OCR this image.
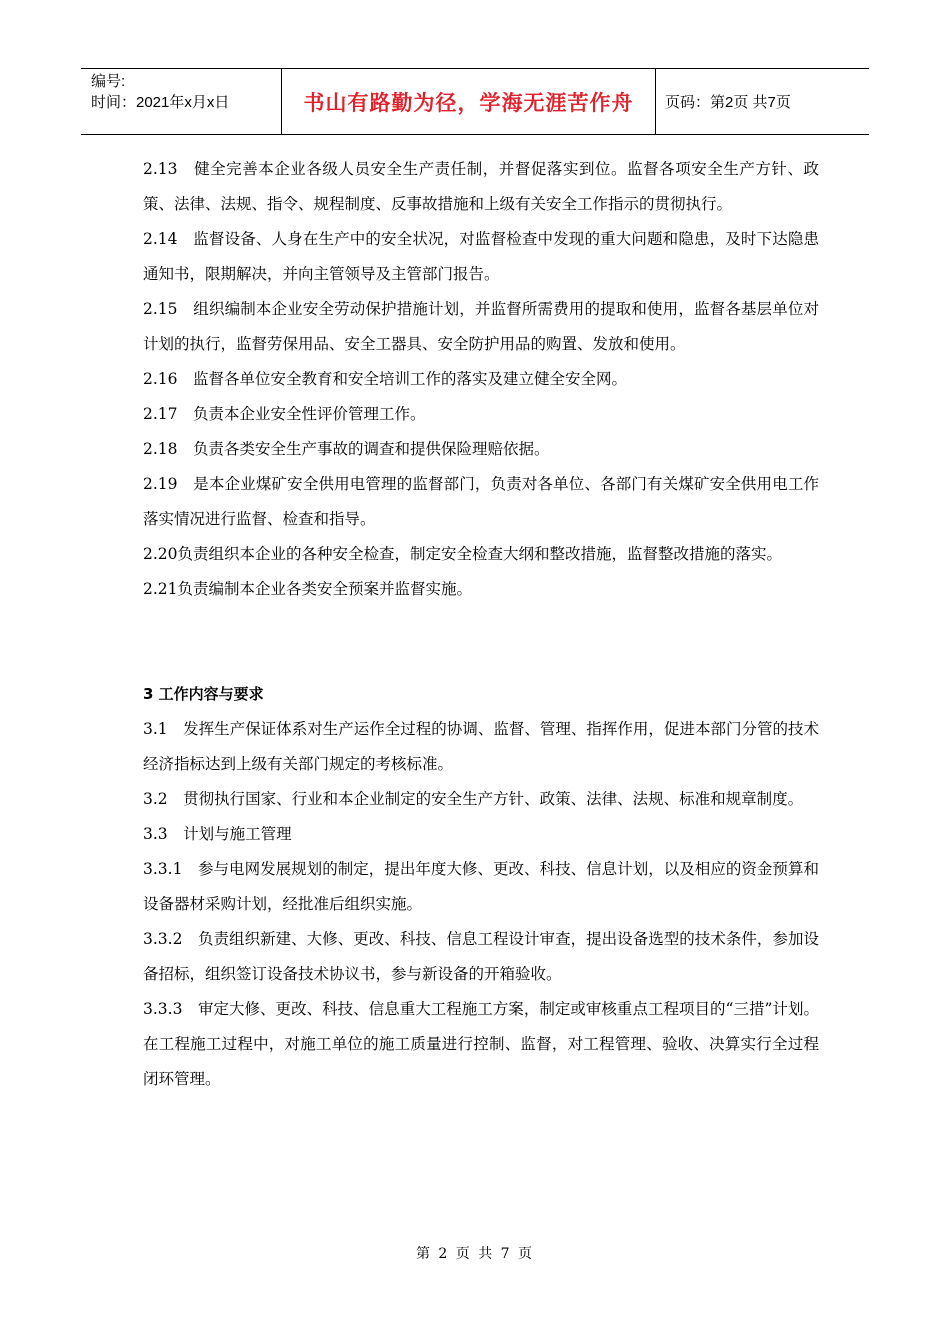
编号:
时间：2021年x月x日	书山有路勤为径，学海无涯苦作舟 页码：第2页 共7页

2.13　健全完善本企业各级人员安全生产责任制，并督促落实到位。监督各项安全生产方针、政策、法律、法规、指令、规程制度、反事故措施和上级有关安全工作指示的贯彻执行。

2.14　监督设备、人身在生产中的安全状况，对监督检查中发现的重大问题和隐患，及时下达隐患通知书，限期解决，并向主管领导及主管部门报告。

2.15　组织编制本企业安全劳动保护措施计划，并监督所需费用的提取和使用，监督各基层单位对计划的执行，监督劳保用品、安全工器具、安全防护用品的购置、发放和使用。

2.16　监督各单位安全教育和安全培训工作的落实及建立健全安全网。

2.17　负责本企业安全性评价管理工作。

2.18　负责各类安全生产事故的调查和提供保险理赔依据。

2.19　是本企业煤矿安全供用电管理的监督部门，负责对各单位、各部门有关煤矿安全供用电工作落实情况进行监督、检查和指导。

2.20负责组织本企业的各种安全检查，制定安全检查大纲和整改措施，监督整改措施的落实。

2.21负责编制本企业各类安全预案并监督实施。

3 工作内容与要求

3.1　发挥生产保证体系对生产运作全过程的协调、监督、管理、指挥作用，促进本部门分管的技术经济指标达到上级有关部门规定的考核标准。

3.2　贯彻执行国家、行业和本企业制定的安全生产方针、政策、法律、法规、标准和规章制度。

3.3　计划与施工管理

3.3.1　参与电网发展规划的制定，提出年度大修、更改、科技、信息计划，以及相应的资金预算和设备器材采购计划，经批准后组织实施。

3.3.2　负责组织新建、大修、更改、科技、信息工程设计审查，提出设备选型的技术条件，参加设备招标，组织签订设备技术协议书，参与新设备的开箱验收。

3.3.3　审定大修、更改、科技、信息重大工程施工方案，制定或审核重点工程项目的“三措”计划。在工程施工过程中，对施工单位的施工质量进行控制、监督，对工程管理、验收、决算实行全过程闭环管理。

第 2 页 共 7 页
